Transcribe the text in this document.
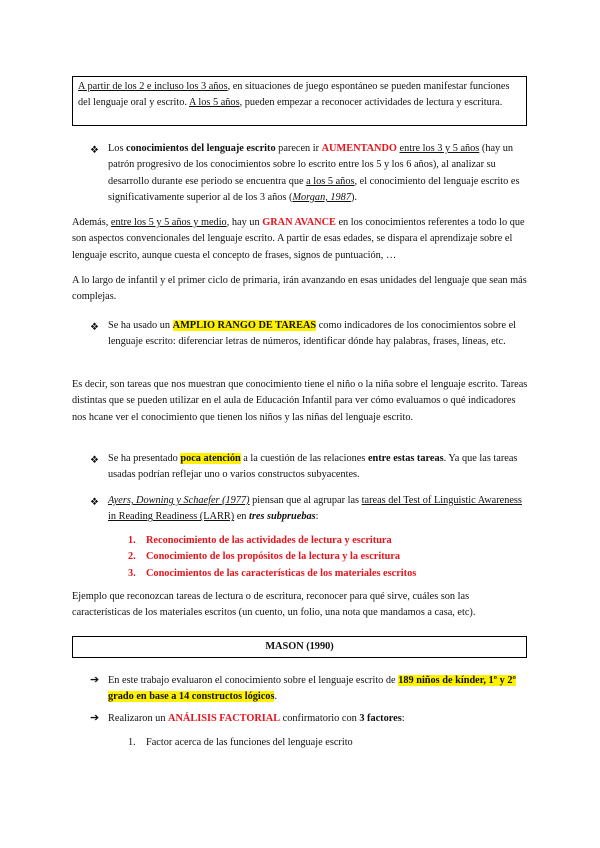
A partir de los 2 e incluso los 3 años, en situaciones de juego espontáneo se pueden manifestar funciones del lenguaje oral y escrito. A los 5 años, pueden empezar a reconocer actividades de lectura y escritura.
❖ Los conocimientos del lenguaje escrito parecen ir AUMENTANDO entre los 3 y 5 años (hay un patrón progresivo de los conocimientos sobre lo escrito entre los 5 y los 6 años), al analizar su desarrollo durante ese periodo se encuentra que a los 5 años, el conocimiento del lenguaje escrito es significativamente superior al de los 3 años (Morgan, 1987).
Además, entre los 5 y 5 años y medio, hay un GRAN AVANCE en los conocimientos referentes a todo lo que son aspectos convencionales del lenguaje escrito. A partir de esas edades, se dispara el aprendizaje sobre el lenguaje escrito, aunque cuesta el concepto de frases, signos de puntuación, …
A lo largo de infantil y el primer ciclo de primaria, irán avanzando en esas unidades del lenguaje que sean más complejas.
❖ Se ha usado un AMPLIO RANGO DE TAREAS como indicadores de los conocimientos sobre el lenguaje escrito: diferenciar letras de números, identificar dónde hay palabras, frases, líneas, etc.
Es decir, son tareas que nos muestran que conocimiento tiene el niño o la niña sobre el lenguaje escrito. Tareas distintas que se pueden utilizar en el aula de Educación Infantil para ver cómo evaluamos o qué indicadores nos hcane ver el conocimiento que tienen los niños y las niñas del lenguaje escrito.
❖ Se ha presentado poca atención a la cuestión de las relaciones entre estas tareas. Ya que las tareas usadas podrían reflejar uno o varios constructos subyacentes.
❖ Ayers, Downing y Schaefer (1977) piensan que al agrupar las tareas del Test of Linguistic Awareness in Reading Readiness (LARR) en tres subpruebas:
1. Reconocimiento de las actividades de lectura y escritura
2. Conocimiento de los propósitos de la lectura y la escritura
3. Conocimientos de las características de los materiales escritos
Ejemplo que reconozcan tareas de lectura o de escritura, reconocer para qué sirve, cuáles son las características de los materiales escritos (un cuento, un folio, una nota que mandamos a casa, etc).
MASON (1990)
➔ En este trabajo evaluaron el conocimiento sobre el lenguaje escrito de 189 niños de kínder, 1º y 2º grado en base a 14 constructos lógicos.
➔ Realizaron un ANÁLISIS FACTORIAL confirmatorio con 3 factores:
1. Factor acerca de las funciones del lenguaje escrito
